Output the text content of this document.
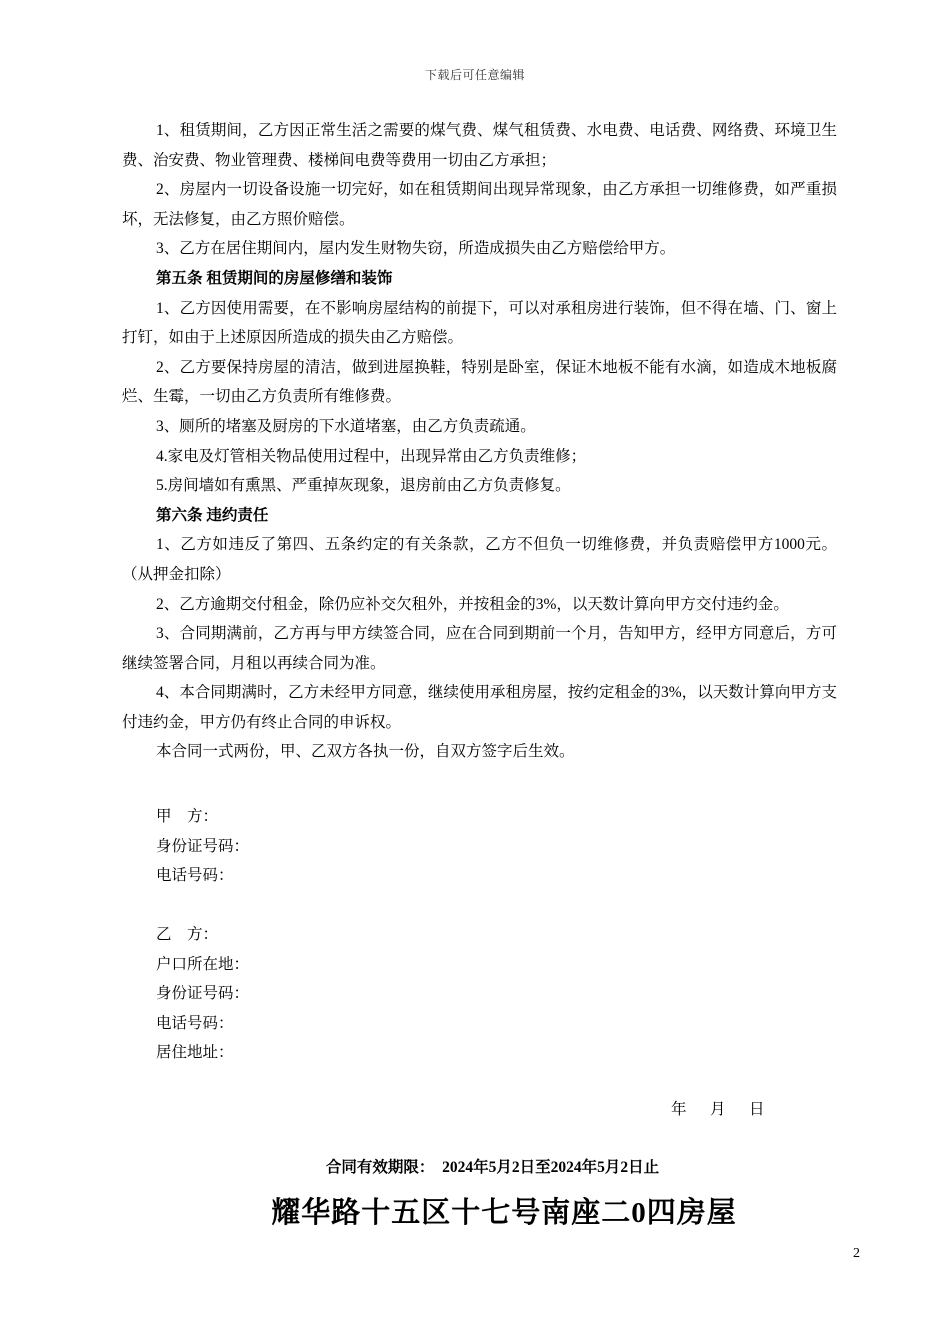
下载后可任意编辑

1、租赁期间，乙方因正常生活之需要的煤气费、煤气租赁费、水电费、电话费、网络费、环境卫生费、治安费、物业管理费、楼梯间电费等费用一切由乙方承担；

2、房屋内一切设备设施一切完好，如在租赁期间出现异常现象，由乙方承担一切维修费，如严重损坏，无法修复，由乙方照价赔偿。

3、乙方在居住期间内，屋内发生财物失窃，所造成损失由乙方赔偿给甲方。

第五条 租赁期间的房屋修缮和装饰

1、乙方因使用需要，在不影响房屋结构的前提下，可以对承租房进行装饰，但不得在墙、门、窗上打钉，如由于上述原因所造成的损失由乙方赔偿。

2、乙方要保持房屋的清洁，做到进屋换鞋，特别是卧室，保证木地板不能有水滴，如造成木地板腐烂、生霉，一切由乙方负责所有维修费。

3、厕所的堵塞及厨房的下水道堵塞，由乙方负责疏通。

4.家电及灯管相关物品使用过程中，出现异常由乙方负责维修；

5.房间墙如有熏黑、严重掉灰现象，退房前由乙方负责修复。

第六条 违约责任

1、乙方如违反了第四、五条约定的有关条款，乙方不但负一切维修费，并负责赔偿甲方1000元。（从押金扣除）

2、乙方逾期交付租金，除仍应补交欠租外，并按租金的3%，以天数计算向甲方交付违约金。

3、合同期满前，乙方再与甲方续签合同，应在合同到期前一个月，告知甲方，经甲方同意后，方可继续签署合同，月租以再续合同为准。

4、本合同期满时，乙方未经甲方同意，继续使用承租房屋，按约定租金的3%，以天数计算向甲方支付违约金，甲方仍有终止合同的申诉权。

本合同一式两份，甲、乙双方各执一份，自双方签字后生效。

甲    方：

身份证号码：

电话号码：

乙    方：

户口所在地：

身份证号码：

电话号码：

居住地址：

年    月    日
合同有效期限：  2024年5月2日至2024年5月2日止
耀华路十五区十七号南座二0四房屋
2
